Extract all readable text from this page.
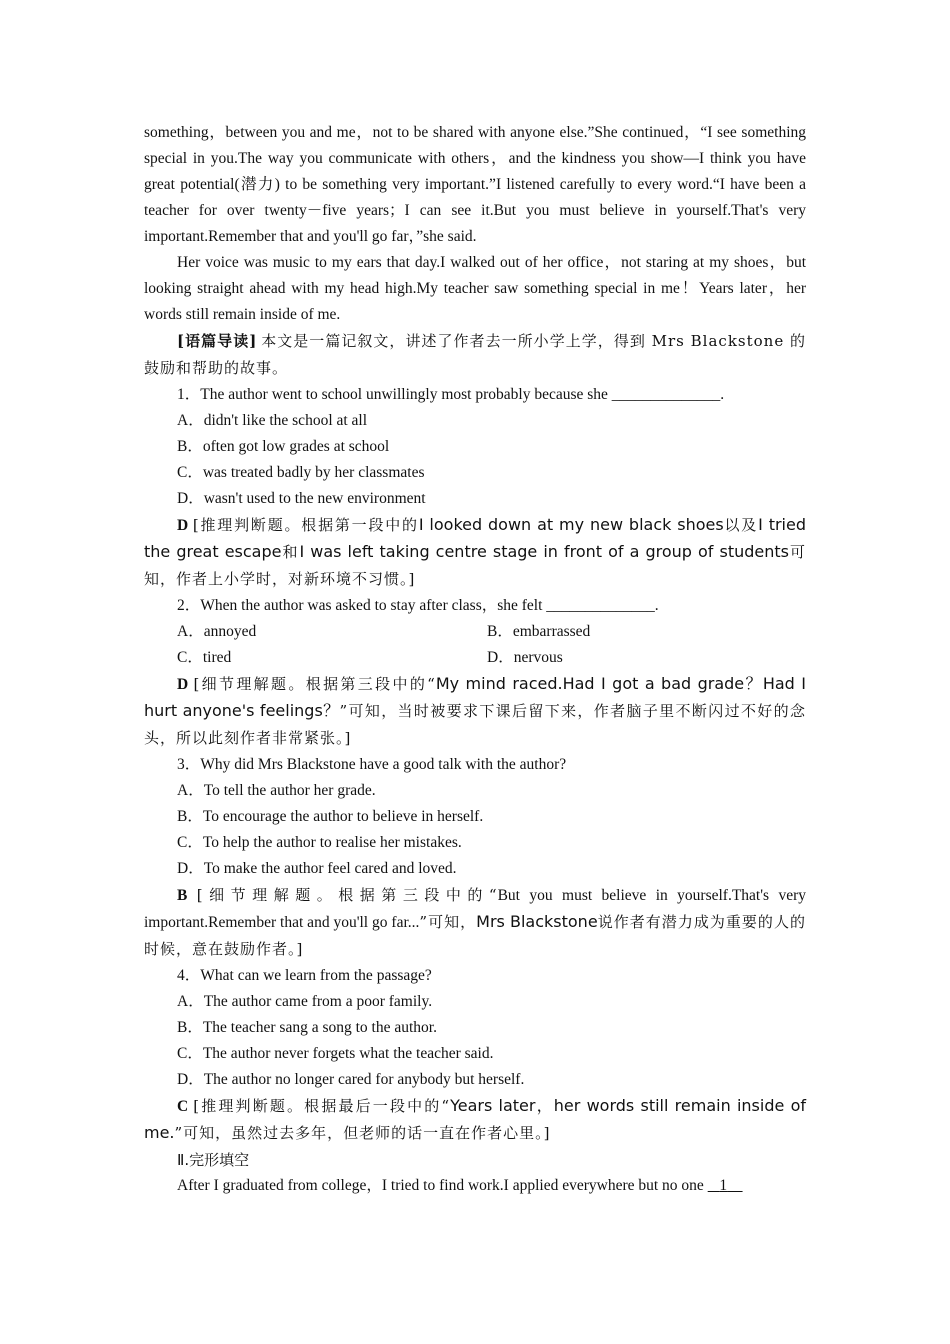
something，between you and me，not to be shared with anyone else.”She continued，“I see something special in you.The way you communicate with others，and the kindness you show—I think you have great potential(潜力) to be something very important.”I listened carefully to every word.“I have been a teacher for over twenty－five years；I can see it.But you must believe in yourself.That's very important.Remember that and you'll go far，”she said.

Her voice was music to my ears that day.I walked out of her office，not staring at my shoes，but looking straight ahead with my head high.My teacher saw something special in me！Years later，her words still remain inside of me.

[语篇导读] 本文是一篇记叙文，讲述了作者去一所小学上学，得到 Mrs Blackstone 的鼓励和帮助的故事。

1．The author went to school unwillingly most probably because she ______________.

A．didn't like the school at all

B．often got low grades at school

C．was treated badly by her classmates

D．wasn't used to the new environment

D [推理判断题。根据第一段中的I looked down at my new black shoes以及I tried the great escape和I was left taking centre stage in front of a group of students可知，作者上小学时，对新环境不习惯。]

2．When the author was asked to stay after class，she felt ______________.

A．annoyed	B．embarrassed
C．tired	D．nervous

D [细节理解题。根据第三段中的“My mind raced.Had I got a bad grade？Had I hurt anyone's feelings？”可知，当时被要求下课后留下来，作者脑子里不断闪过不好的念头，所以此刻作者非常紧张。]

3．Why did Mrs Blackstone have a good talk with the author?

A．To tell the author her grade.

B．To encourage the author to believe in herself.

C．To help the author to realise her mistakes.

D．To make the author feel cared and loved.

B [细节理解题。根据第三段中的“But you must believe in yourself.That's very important.Remember that and you'll go far...”可知，Mrs Blackstone说作者有潜力成为重要的人的时候，意在鼓励作者。]

4．What can we learn from the passage?

A．The author came from a poor family.

B．The teacher sang a song to the author.

C．The author never forgets what the teacher said.

D．The author no longer cared for anybody but herself.

C [推理判断题。根据最后一段中的“Years later，her words still remain inside of me.”可知，虽然过去多年，但老师的话一直在作者心里。]

Ⅱ.完形填空

After I graduated from college，I tried to find work.I applied everywhere but no one 1
